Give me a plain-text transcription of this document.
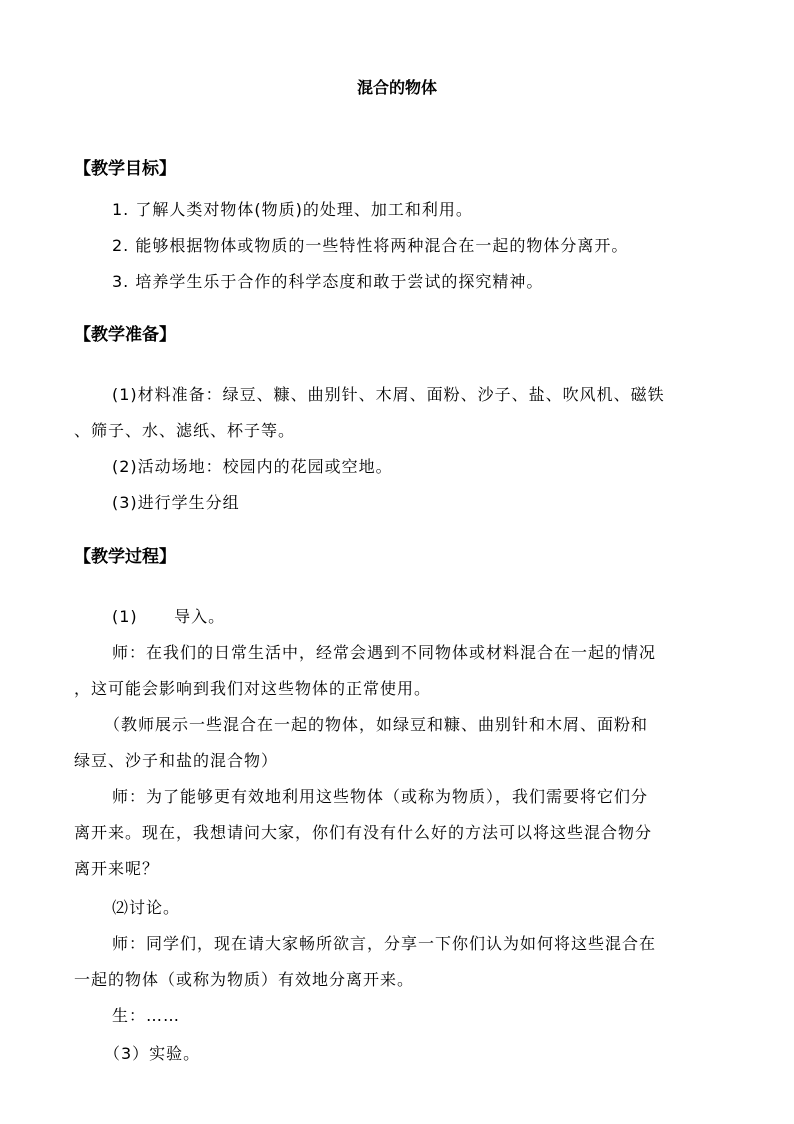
混合的物体
【教学目标】
1. 了解人类对物体(物质)的处理、加工和利用。
2. 能够根据物体或物质的一些特性将两种混合在一起的物体分离开。
3. 培养学生乐于合作的科学态度和敢于尝试的探究精神。
【教学准备】
(1)材料准备：绿豆、糠、曲别针、木屑、面粉、沙子、盐、吹风机、磁铁
、筛子、水、滤纸、杯子等。
(2)活动场地：校园内的花园或空地。
(3)进行学生分组
【教学过程】
(1)      导入。
师：在我们的日常生活中，经常会遇到不同物体或材料混合在一起的情况
，这可能会影响到我们对这些物体的正常使用。
（教师展示一些混合在一起的物体，如绿豆和糠、曲别针和木屑、面粉和
绿豆、沙子和盐的混合物）
师：为了能够更有效地利用这些物体（或称为物质），我们需要将它们分
离开来。现在，我想请问大家，你们有没有什么好的方法可以将这些混合物分
离开来呢？
⑵讨论。
师：同学们，现在请大家畅所欲言，分享一下你们认为如何将这些混合在
一起的物体（或称为物质）有效地分离开来。
生：……
（3）实验。
